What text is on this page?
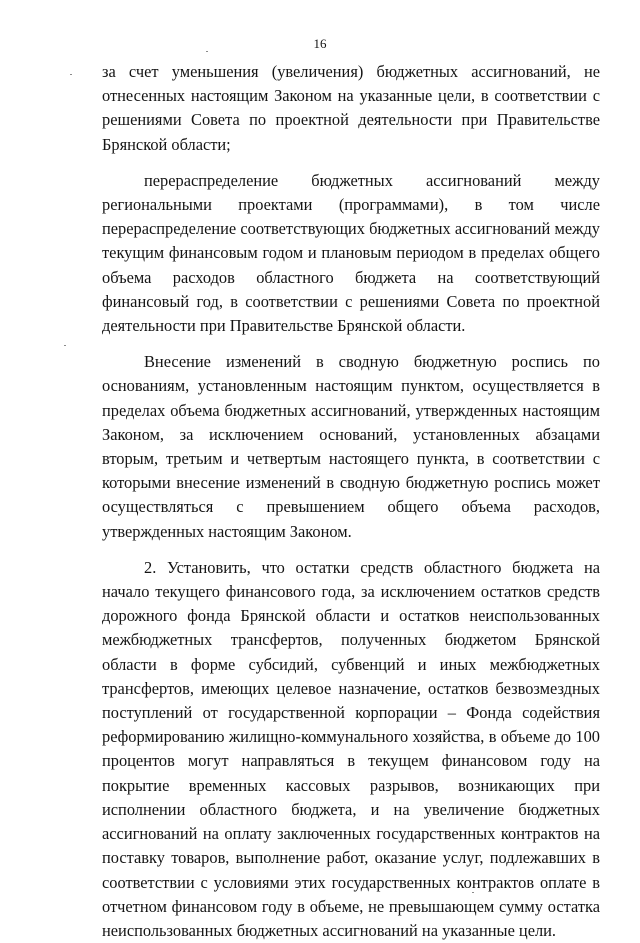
16

за счет уменьшения (увеличения) бюджетных ассигнований, не отнесенных настоящим Законом на указанные цели, в соответствии с решениями Совета по проектной деятельности при Правительстве Брянской области;

перераспределение бюджетных ассигнований между региональными проектами (программами), в том числе перераспределение соответствующих бюджетных ассигнований между текущим финансовым годом и плановым периодом в пределах общего объема расходов областного бюджета на соответствующий финансовый год, в соответствии с решениями Совета по проектной деятельности при Правительстве Брянской области.

Внесение изменений в сводную бюджетную роспись по основаниям, установленным настоящим пунктом, осуществляется в пределах объема бюджетных ассигнований, утвержденных настоящим Законом, за исключением оснований, установленных абзацами вторым, третьим и четвертым настоящего пункта, в соответствии с которыми внесение изменений в сводную бюджетную роспись может осуществляться с превышением общего объема расходов, утвержденных настоящим Законом.

2. Установить, что остатки средств областного бюджета на начало текущего финансового года, за исключением остатков средств дорожного фонда Брянской области и остатков неиспользованных межбюджетных трансфертов, полученных бюджетом Брянской области в форме субсидий, субвенций и иных межбюджетных трансфертов, имеющих целевое назначение, остатков безвозмездных поступлений от государственной корпорации – Фонда содействия реформированию жилищно-коммунального хозяйства, в объеме до 100 процентов могут направляться в текущем финансовом году на покрытие временных кассовых разрывов, возникающих при исполнении областного бюджета, и на увеличение бюджетных ассигнований на оплату заключенных государственных контрактов на поставку товаров, выполнение работ, оказание услуг, подлежавших в соответствии с условиями этих государственных контрактов оплате в отчетном финансовом году в объеме, не превышающем сумму остатка неиспользованных бюджетных ассигнований на указанные цели.
